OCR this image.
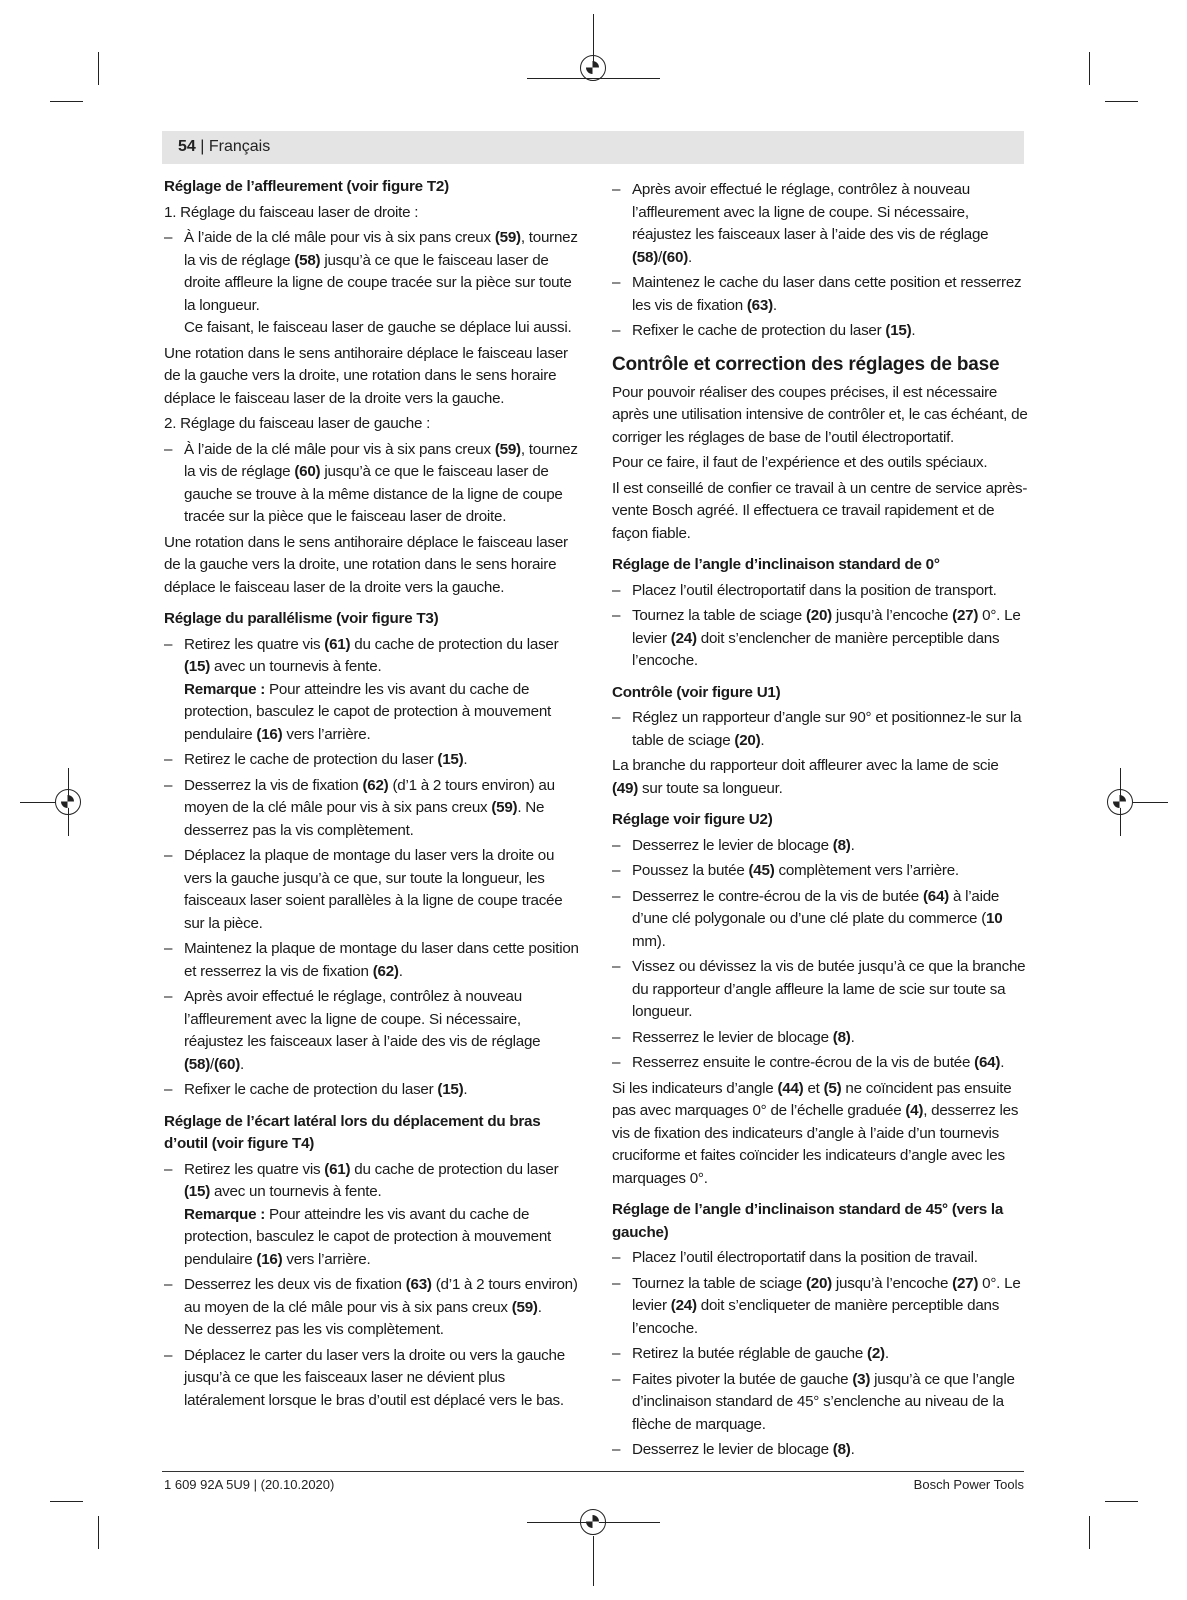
54 | Français

Réglage de l’affleurement (voir figure T2)

1. Réglage du faisceau laser de droite :

– À l’aide de la clé mâle pour vis à six pans creux (59), tournez la vis de réglage (58) jusqu’à ce que le faisceau laser de droite affleure la ligne de coupe tracée sur la pièce sur toute la longueur.

Ce faisant, le faisceau laser de gauche se déplace lui aussi.

Une rotation dans le sens antihoraire déplace le faisceau laser de la gauche vers la droite, une rotation dans le sens horaire déplace le faisceau laser de la droite vers la gauche.

2. Réglage du faisceau laser de gauche :

– À l’aide de la clé mâle pour vis à six pans creux (59), tournez la vis de réglage (60) jusqu’à ce que le faisceau laser de gauche se trouve à la même distance de la ligne de coupe tracée sur la pièce que le faisceau laser de droite.

Une rotation dans le sens antihoraire déplace le faisceau laser de la gauche vers la droite, une rotation dans le sens horaire déplace le faisceau laser de la droite vers la gauche.

Réglage du parallélisme (voir figure T3)

– Retirez les quatre vis (61) du cache de protection du laser (15) avec un tournevis à fente.

Remarque : Pour atteindre les vis avant du cache de protection, basculez le capot de protection à mouvement pendulaire (16) vers l’arrière.

– Retirez le cache de protection du laser (15).

– Desserrez la vis de fixation (62) (d’1 à 2 tours environ) au moyen de la clé mâle pour vis à six pans creux (59). Ne desserrez pas la vis complètement.

– Déplacez la plaque de montage du laser vers la droite ou vers la gauche jusqu’à ce que, sur toute la longueur, les faisceaux laser soient parallèles à la ligne de coupe tracée sur la pièce.

– Maintenez la plaque de montage du laser dans cette position et resserrez la vis de fixation (62).

– Après avoir effectué le réglage, contrôlez à nouveau l’affleurement avec la ligne de coupe. Si nécessaire, réajustez les faisceaux laser à l’aide des vis de réglage (58)/(60).

– Refixer le cache de protection du laser (15).

Réglage de l’écart latéral lors du déplacement du bras d’outil (voir figure T4)

– Retirez les quatre vis (61) du cache de protection du laser (15) avec un tournevis à fente.

Remarque : Pour atteindre les vis avant du cache de protection, basculez le capot de protection à mouvement pendulaire (16) vers l’arrière.

– Desserrez les deux vis de fixation (63) (d’1 à 2 tours environ) au moyen de la clé mâle pour vis à six pans creux (59).

Ne desserrez pas les vis complètement.

– Déplacez le carter du laser vers la droite ou vers la gauche jusqu’à ce que les faisceaux laser ne dévient plus latéralement lorsque le bras d’outil est déplacé vers le bas.

– Après avoir effectué le réglage, contrôlez à nouveau l’affleurement avec la ligne de coupe. Si nécessaire, réajustez les faisceaux laser à l’aide des vis de réglage (58)/(60).

– Maintenez le cache du laser dans cette position et resserrez les vis de fixation (63).

– Refixer le cache de protection du laser (15).

Contrôle et correction des réglages de base

Pour pouvoir réaliser des coupes précises, il est nécessaire après une utilisation intensive de contrôler et, le cas échéant, de corriger les réglages de base de l’outil électroportatif.

Pour ce faire, il faut de l’expérience et des outils spéciaux.

Il est conseillé de confier ce travail à un centre de service après-vente Bosch agréé. Il effectuera ce travail rapidement et de façon fiable.

Réglage de l’angle d’inclinaison standard de 0°

– Placez l’outil électroportatif dans la position de transport.

– Tournez la table de sciage (20) jusqu’à l’encoche (27) 0°. Le levier (24) doit s’enclencher de manière perceptible dans l’encoche.

Contrôle (voir figure U1)

– Réglez un rapporteur d’angle sur 90° et positionnez-le sur la table de sciage (20).

La branche du rapporteur doit affleurer avec la lame de scie (49) sur toute sa longueur.

Réglage voir figure U2)

– Desserrez le levier de blocage (8).

– Poussez la butée (45) complètement vers l’arrière.

– Desserrez le contre-écrou de la vis de butée (64) à l’aide d’une clé polygonale ou d’une clé plate du commerce (10 mm).

– Vissez ou dévissez la vis de butée jusqu’à ce que la branche du rapporteur d’angle affleure la lame de scie sur toute sa longueur.

– Resserrez le levier de blocage (8).

– Resserrez ensuite le contre-écrou de la vis de butée (64).

Si les indicateurs d’angle (44) et (5) ne coïncident pas ensuite pas avec marquages 0° de l’échelle graduée (4), desserrez les vis de fixation des indicateurs d’angle à l’aide d’un tournevis cruciforme et faites coïncider les indicateurs d’angle avec les marquages 0°.

Réglage de l’angle d’inclinaison standard de 45° (vers la gauche)

– Placez l’outil électroportatif dans la position de travail.

– Tournez la table de sciage (20) jusqu’à l’encoche (27) 0°. Le levier (24) doit s’encliqueter de manière perceptible dans l’encoche.

– Retirez la butée réglable de gauche (2).

– Faites pivoter la butée de gauche (3) jusqu’à ce que l’angle d’inclinaison standard de 45° s’enclenche au niveau de la flèche de marquage.

– Desserrez le levier de blocage (8).

1 609 92A 5U9 | (20.10.2020)	Bosch Power Tools
